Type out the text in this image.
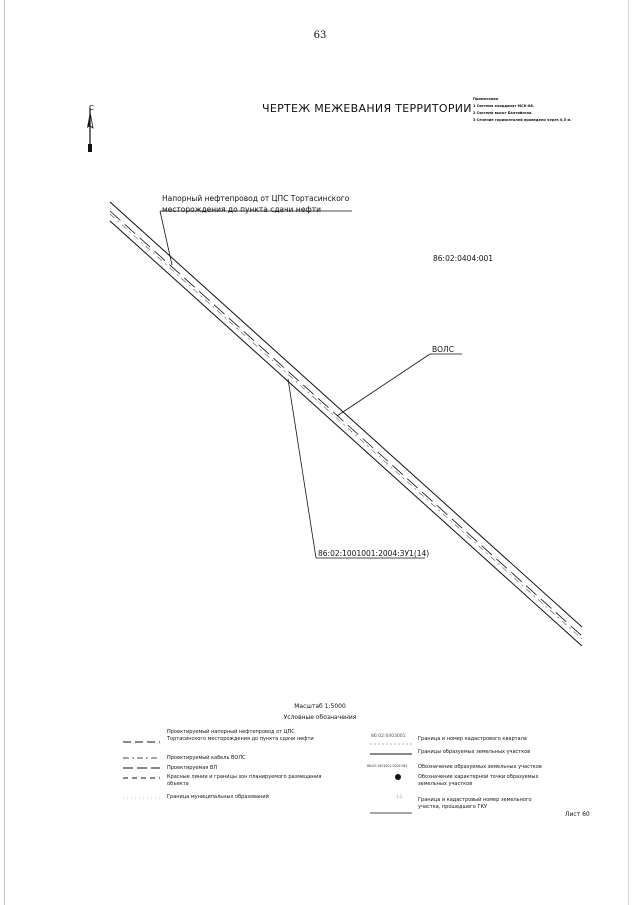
63
ЧЕРТЕЖ МЕЖЕВАНИЯ ТЕРРИТОРИИ
Примечания
1 Система координат МСК-86.
2 Система высот Балтийская.
3 Сечение горизонталей проведено через 0,5 м.
С
Напорный нефтепровод от ЦПС Тортасинского
месторождения до пункта сдачи нефти
86:02:0404:001
ВОЛС
86:02:1001001:2004:ЗУ1(14)
Масштаб 1:5000
Условные обозначения
Проектируемый напорный нефтепровод от ЦПС
Тортасинского месторождения до пункта сдачи нефти
Проектируемый кабель ВОЛС
Проектируемая ВЛ
Красные линии и границы зон планируемого размещения
объекта
Граница муниципальных образований
86:02:0403001
86:02:1001001:2004:ЗУ1
1:2
Граница и номер кадастрового квартала
Границы образуемых земельных участков
Обозначение образуемых земельных участков
Обозначение характерной точки образуемых
земельных участков
Граница и кадастровый номер земельного
участка, прошедшего ГКУ
Лист 60
